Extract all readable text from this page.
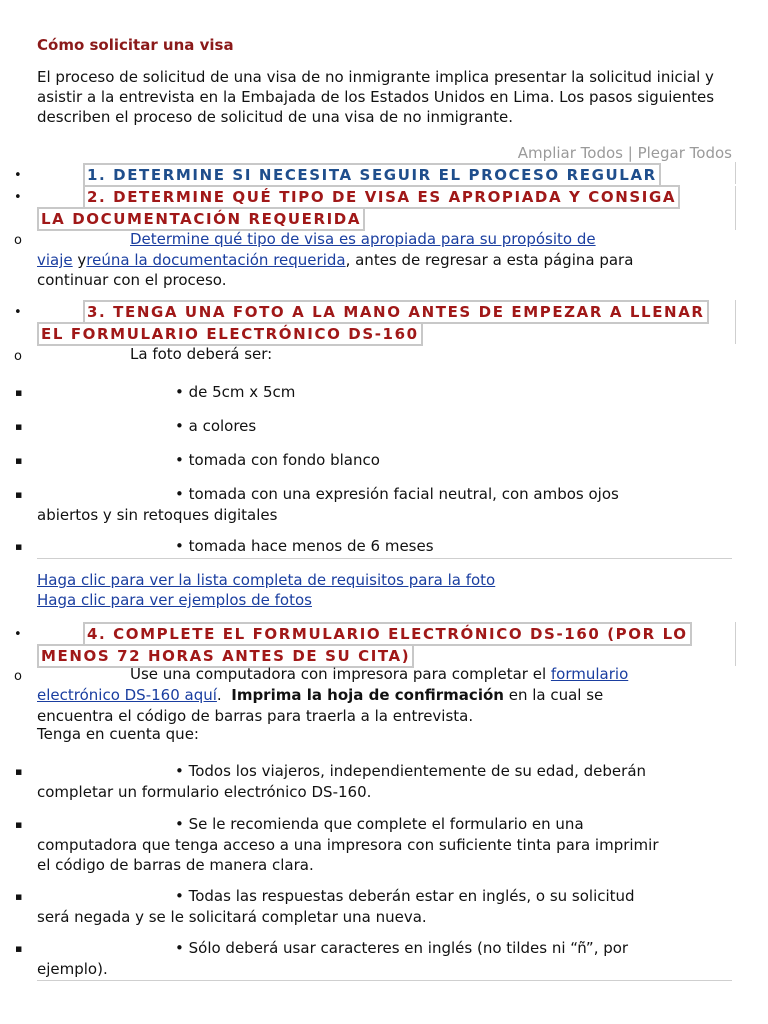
Cómo solicitar una visa
El proceso de solicitud de una visa de no inmigrante implica presentar la solicitud inicial y asistir a la entrevista en la Embajada de los Estados Unidos en Lima. Los pasos siguientes describen el proceso de solicitud de una visa de no inmigrante.
Ampliar Todos | Plegar Todos
•	1. DETERMINE SI NECESITA SEGUIR EL PROCESO REGULAR
•	2. DETERMINE QUÉ TIPO DE VISA ES APROPIADA Y CONSIGA
LA DOCUMENTACIÓN REQUERIDA
o	Determine qué tipo de visa es apropiada para su propósito de
viaje yreúna la documentación requerida, antes de regresar a esta página para
continuar con el proceso.
•	3. TENGA UNA FOTO A LA MANO ANTES DE EMPEZAR A LLENAR
EL FORMULARIO ELECTRÓNICO DS-160
o	La foto deberá ser:
▪	• de 5cm x 5cm
▪	• a colores
▪	• tomada con fondo blanco
▪	• tomada con una expresión facial neutral, con ambos ojos
abiertos y sin retoques digitales
▪	• tomada hace menos de 6 meses
Haga clic para ver la lista completa de requisitos para la foto
Haga clic para ver ejemplos de fotos
•	4. COMPLETE EL FORMULARIO ELECTRÓNICO DS-160 (POR LO
MENOS 72 HORAS ANTES DE SU CITA)
o	Use una computadora con impresora para completar el formulario
electrónico DS-160 aquí. Imprima la hoja de confirmación en la cual se
encuentra el código de barras para traerla a la entrevista.
Tenga en cuenta que:
▪	• Todos los viajeros, independientemente de su edad, deberán
completar un formulario electrónico DS-160.
▪	• Se le recomienda que complete el formulario en una
computadora que tenga acceso a una impresora con suficiente tinta para imprimir
el código de barras de manera clara.
▪	• Todas las respuestas deberán estar en inglés, o su solicitud
será negada y se le solicitará completar una nueva.
▪	• Sólo deberá usar caracteres en inglés (no tildes ni “ñ”, por
ejemplo).
